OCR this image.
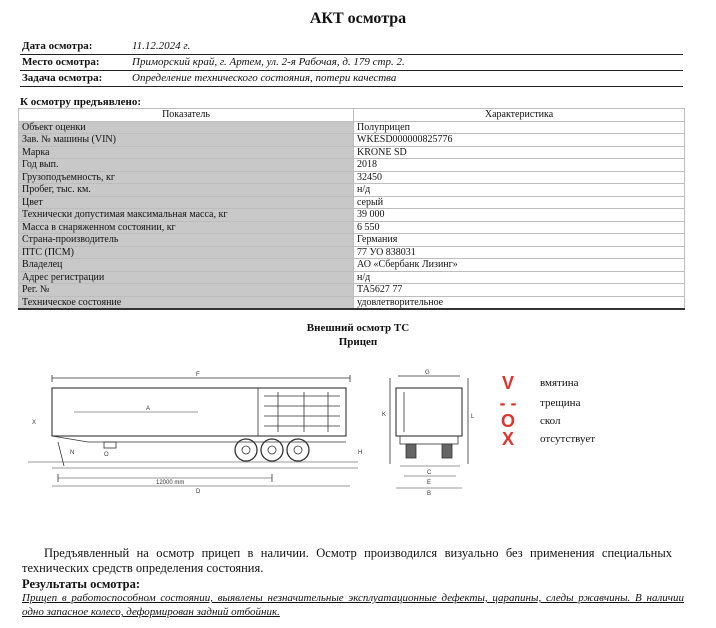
АКТ осмотра
Дата осмотра:	11.12.2024 г.
Место осмотра:	Приморский край, г. Артем, ул. 2-я Рабочая, д. 179 стр. 2.
Задача осмотра:	Определение технического состояния, потери качества
К осмотру предъявлено:
Показатель	Характеристика
Объект оценки	Полуприцеп
Зав. № машины (VIN)	WKESD000000825776
Марка	KRONE SD
Год вып.	2018
Грузоподъемность, кг	32450
Пробег, тыс. км.	н/д
Цвет	серый
Технически допустимая максимальная масса, кг	39 000
Масса в снаряженном состоянии, кг	6 550
Страна-производитель	Германия
ПТС (ПСМ)	77 УО 838031
Владелец	АО «Сбербанк Лизинг»
Адрес регистрации	н/д
Рег. №	ТА5627 77
Техническое состояние	удовлетворительное
Внешний осмотр ТС
Прицеп
F
A
12000 mm
D
N	O
X
H
G
K
C
E
B
L
V	вмятина
- -	трещина
O	скол
X	отсутствует
Предъявленный на осмотр прицеп в наличии. Осмотр производился визуально без применения специальных технических средств определения состояния.
Результаты осмотра:
Прицеп в работоспособном состоянии, выявлены незначительные эксплуатационные дефекты, царапины, следы ржавчины. В наличии одно запасное колесо, деформирован задний отбойник.
